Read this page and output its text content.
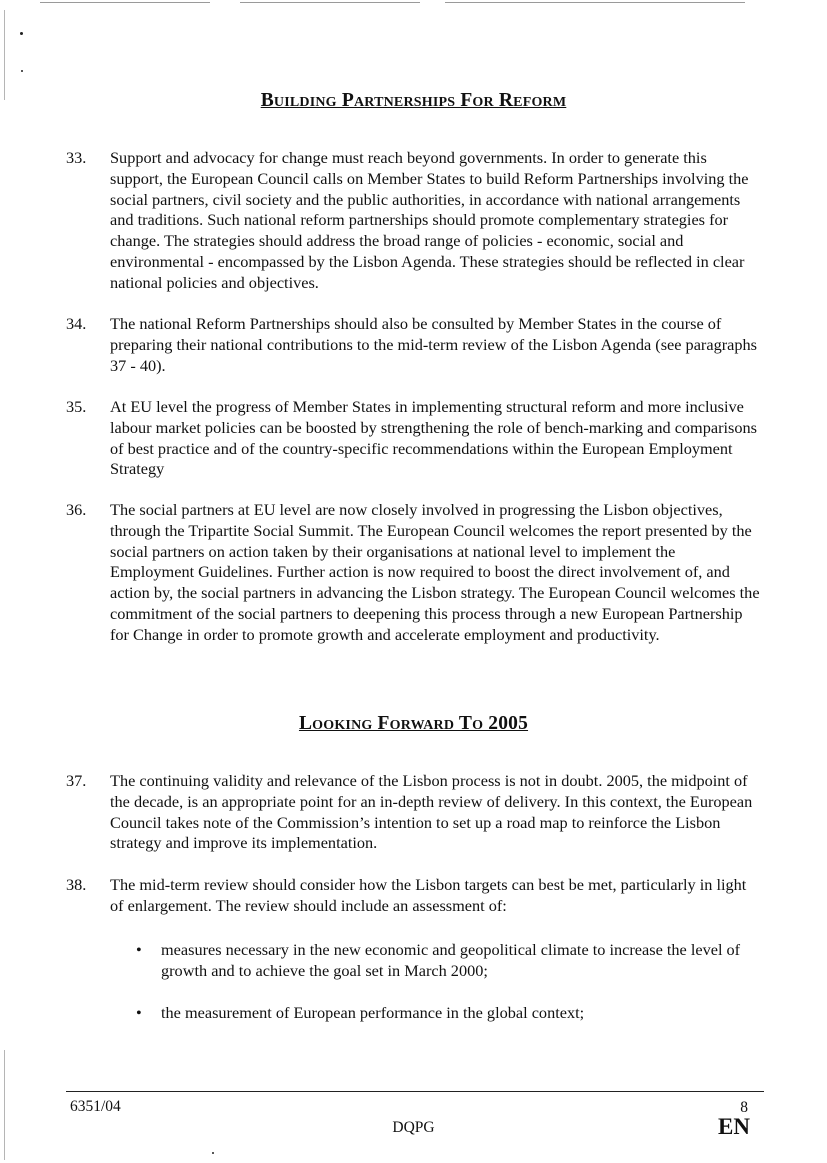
Building Partnerships For Reform
33.	Support and advocacy for change must reach beyond governments. In order to generate this support, the European Council calls on Member States to build Reform Partnerships involving the social partners, civil society and the public authorities, in accordance with national arrangements and traditions. Such national reform partnerships should promote complementary strategies for change. The strategies should address the broad range of policies - economic, social and environmental - encompassed by the Lisbon Agenda. These strategies should be reflected in clear national policies and objectives.
34.	The national Reform Partnerships should also be consulted by Member States in the course of preparing their national contributions to the mid-term review of the Lisbon Agenda (see paragraphs 37 - 40).
35.	At EU level the progress of Member States in implementing structural reform and more inclusive labour market policies can be boosted by strengthening the role of bench-marking and comparisons of best practice and of the country-specific recommendations within the European Employment Strategy
36.	The social partners at EU level are now closely involved in progressing the Lisbon objectives, through the Tripartite Social Summit. The European Council welcomes the report presented by the social partners on action taken by their organisations at national level to implement the Employment Guidelines. Further action is now required to boost the direct involvement of, and action by, the social partners in advancing the Lisbon strategy. The European Council welcomes the commitment of the social partners to deepening this process through a new European Partnership for Change in order to promote growth and accelerate employment and productivity.
Looking Forward To 2005
37.	The continuing validity and relevance of the Lisbon process is not in doubt. 2005, the midpoint of the decade, is an appropriate point for an in-depth review of delivery. In this context, the European Council takes note of the Commission’s intention to set up a road map to reinforce the Lisbon strategy and improve its implementation.
38.	The mid-term review should consider how the Lisbon targets can best be met, particularly in light of enlargement. The review should include an assessment of:
• measures necessary in the new economic and geopolitical climate to increase the level of growth and to achieve the goal set in March 2000;
• the measurement of European performance in the global context;
6351/04
DQPG
8
EN
